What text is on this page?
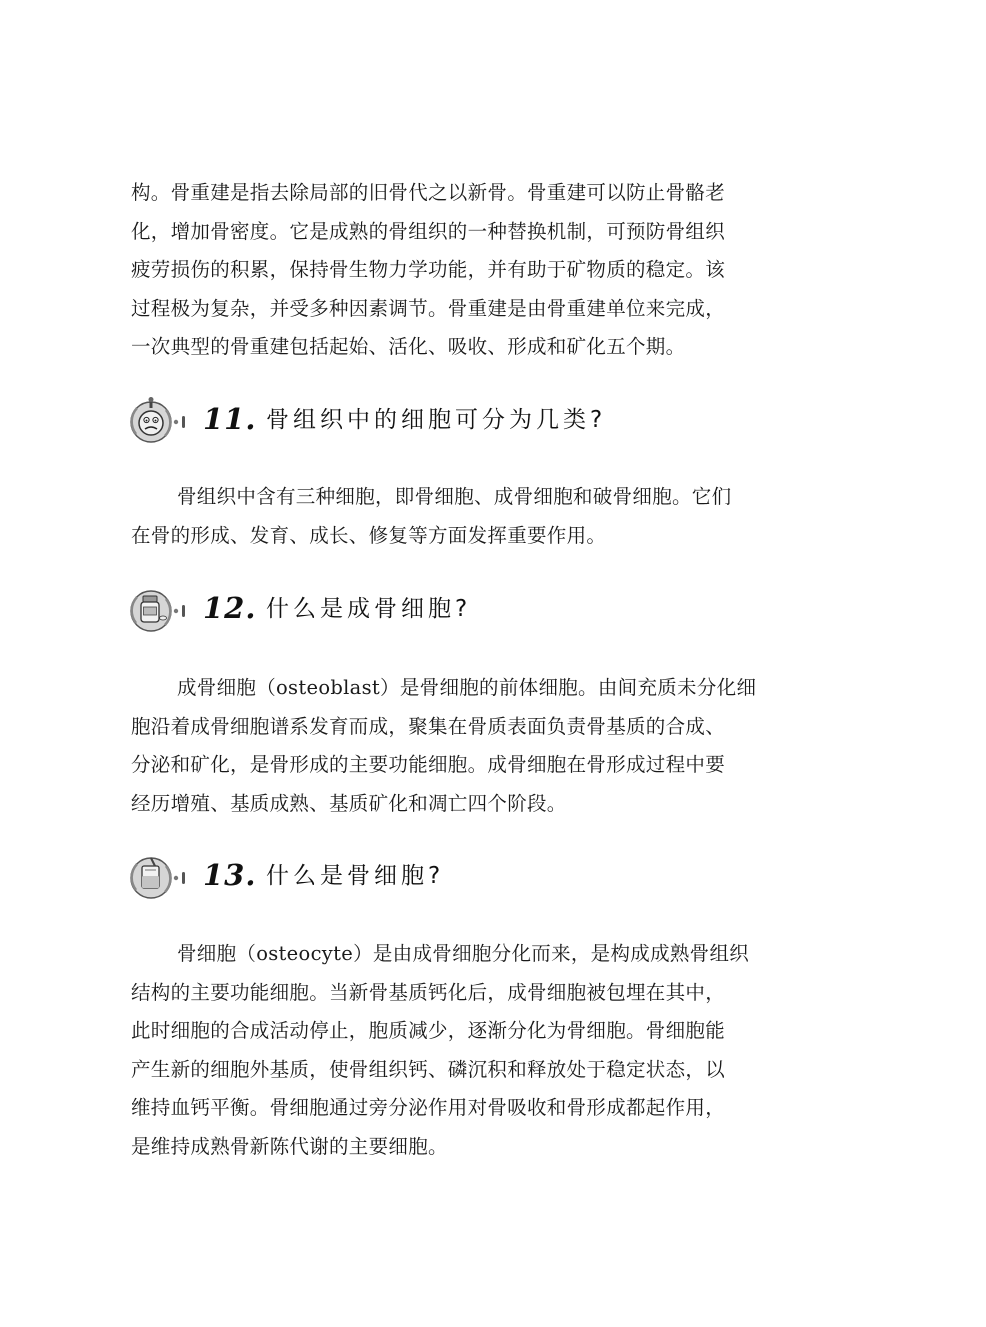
构。骨重建是指去除局部的旧骨代之以新骨。骨重建可以防止骨骼老
化，增加骨密度。它是成熟的骨组织的一种替换机制，可预防骨组织
疲劳损伤的积累，保持骨生物力学功能，并有助于矿物质的稳定。该
过程极为复杂，并受多种因素调节。骨重建是由骨重建单位来完成，
一次典型的骨重建包括起始、活化、吸收、形成和矿化五个期。
11. 骨组织中的细胞可分为几类?
骨组织中含有三种细胞，即骨细胞、成骨细胞和破骨细胞。它们
在骨的形成、发育、成长、修复等方面发挥重要作用。
12. 什么是成骨细胞?
成骨细胞（osteoblast）是骨细胞的前体细胞。由间充质未分化细
胞沿着成骨细胞谱系发育而成，聚集在骨质表面负责骨基质的合成、
分泌和矿化，是骨形成的主要功能细胞。成骨细胞在骨形成过程中要
经历增殖、基质成熟、基质矿化和凋亡四个阶段。
13. 什么是骨细胞?
骨细胞（osteocyte）是由成骨细胞分化而来，是构成成熟骨组织
结构的主要功能细胞。当新骨基质钙化后，成骨细胞被包埋在其中，
此时细胞的合成活动停止，胞质减少，逐渐分化为骨细胞。骨细胞能
产生新的细胞外基质，使骨组织钙、磷沉积和释放处于稳定状态，以
维持血钙平衡。骨细胞通过旁分泌作用对骨吸收和骨形成都起作用，
是维持成熟骨新陈代谢的主要细胞。
